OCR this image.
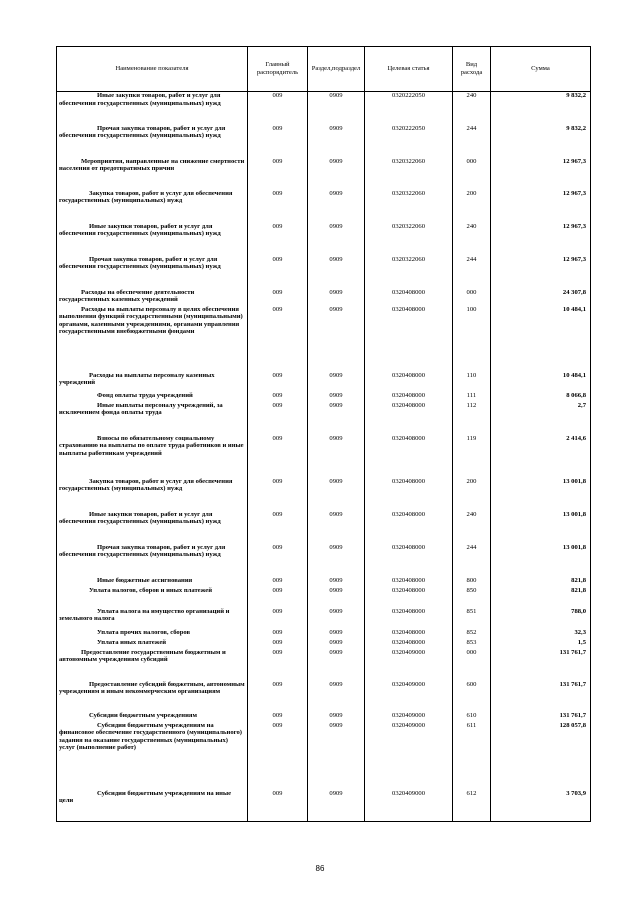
Наименование показателя	Главный распорядитель	Раздел,подраздел	Целевая статья	Вид расхода	Сумма
Иные закупки товаров, работ и услуг для обеспечения государственных (муниципальных) нужд	009	0909	0320222050	240	9 832,2
Прочая закупка товаров, работ и услуг для обеспечения государственных (муниципальных) нужд	009	0909	0320222050	244	9 832,2
Мероприятия, направленные на снижение смертности населения от предотвратимых причин	009	0909	0320322060	000	12 967,3
Закупка товаров, работ и услуг для обеспечения государственных (муниципальных) нужд	009	0909	0320322060	200	12 967,3
Иные закупки товаров, работ и услуг для обеспечения государственных (муниципальных) нужд	009	0909	0320322060	240	12 967,3
Прочая закупка товаров, работ и услуг для обеспечения государственных (муниципальных) нужд	009	0909	0320322060	244	12 967,3
Расходы на обеспечение деятельности государственных казенных учреждений	009	0909	0320408000	000	24 307,8
Расходы на выплаты персоналу в целях обеспечения выполнения функций государственными (муниципальными) органами, казенными учреждениями, органами управления государственными внебюджетными фондами	009	0909	0320408000	100	10 484,1
Расходы на выплаты персоналу казенных учреждений	009	0909	0320408000	110	10 484,1
Фонд оплаты труда учреждений	009	0909	0320408000	111	8 066,8
Иные выплаты персоналу учреждений, за исключением фонда оплаты труда	009	0909	0320408000	112	2,7
Взносы по обязательному социальному страхованию на выплаты по оплате труда работников и иные выплаты работникам учреждений	009	0909	0320408000	119	2 414,6
Закупка товаров, работ и услуг для обеспечения государственных (муниципальных) нужд	009	0909	0320408000	200	13 001,8
Иные закупки товаров, работ и услуг для обеспечения государственных (муниципальных) нужд	009	0909	0320408000	240	13 001,8
Прочая закупка товаров, работ и услуг для обеспечения государственных (муниципальных) нужд	009	0909	0320408000	244	13 001,8
Иные бюджетные ассигнования	009	0909	0320408000	800	821,8
Уплата налогов, сборов и иных платежей	009	0909	0320408000	850	821,8
Уплата налога на имущество организаций и земельного налога	009	0909	0320408000	851	788,0
Уплата прочих налогов, сборов	009	0909	0320408000	852	32,3
Уплата иных платежей	009	0909	0320408000	853	1,5
Предоставление государственным бюджетным и автономным учреждениям субсидий	009	0909	0320409000	000	131 761,7
Предоставление субсидий бюджетным, автономным учреждениям и иным некоммерческим организациям	009	0909	0320409000	600	131 761,7
Субсидии бюджетным учреждениям	009	0909	0320409000	610	131 761,7
Субсидии бюджетным учреждениям на финансовое обеспечение государственного (муниципального) задания на оказание государственных (муниципальных) услуг (выполнение работ)	009	0909	0320409000	611	128 057,8
Субсидии бюджетным учреждениям на иные цели	009	0909	0320409000	612	3 703,9
86
